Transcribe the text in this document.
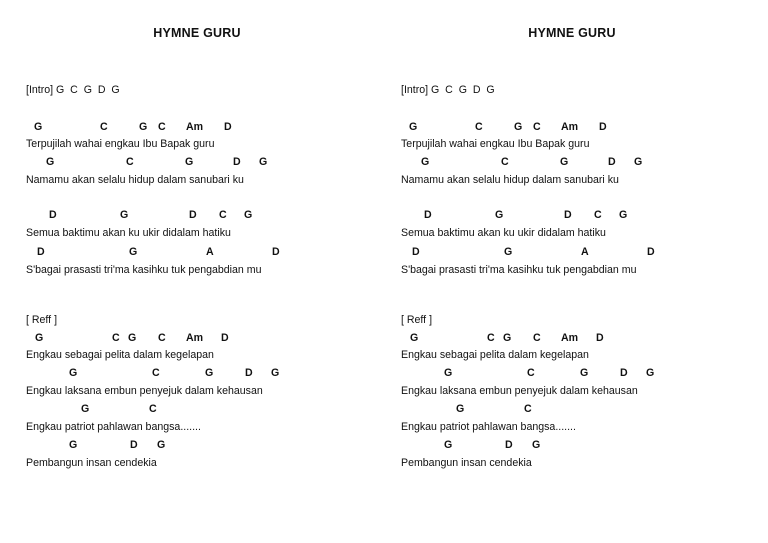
HYMNE GURU
[Intro] G  C  G  D  G
G	C	G C Am D
Terpujilah wahai engkau Ibu Bapak guru
G	C	G	D G
Namamu akan selalu hidup dalam sanubari ku
D	G	D C G
Semua baktimu akan ku ukir didalam hatiku
D	G	A	D
S'bagai prasasti tri'ma kasihku tuk pengabdian mu
[ Reff ]
G	C G C Am D
Engkau sebagai pelita dalam kegelapan
G	C	G	D G
Engkau laksana embun penyejuk dalam kehausan
G	C
Engkau patriot pahlawan bangsa.......
G	D G
Pembangun insan cendekia
HYMNE GURU
[Intro] G  C  G  D  G
G	C	G C Am D
Terpujilah wahai engkau Ibu Bapak guru
G	C	G	D G
Namamu akan selalu hidup dalam sanubari ku
D	G	D C G
Semua baktimu akan ku ukir didalam hatiku
D	G	A	D
S'bagai prasasti tri'ma kasihku tuk pengabdian mu
[ Reff ]
G	C G C Am D
Engkau sebagai pelita dalam kegelapan
G	C	G	D G
Engkau laksana embun penyejuk dalam kehausan
G	C
Engkau patriot pahlawan bangsa.......
G	D G
Pembangun insan cendekia
